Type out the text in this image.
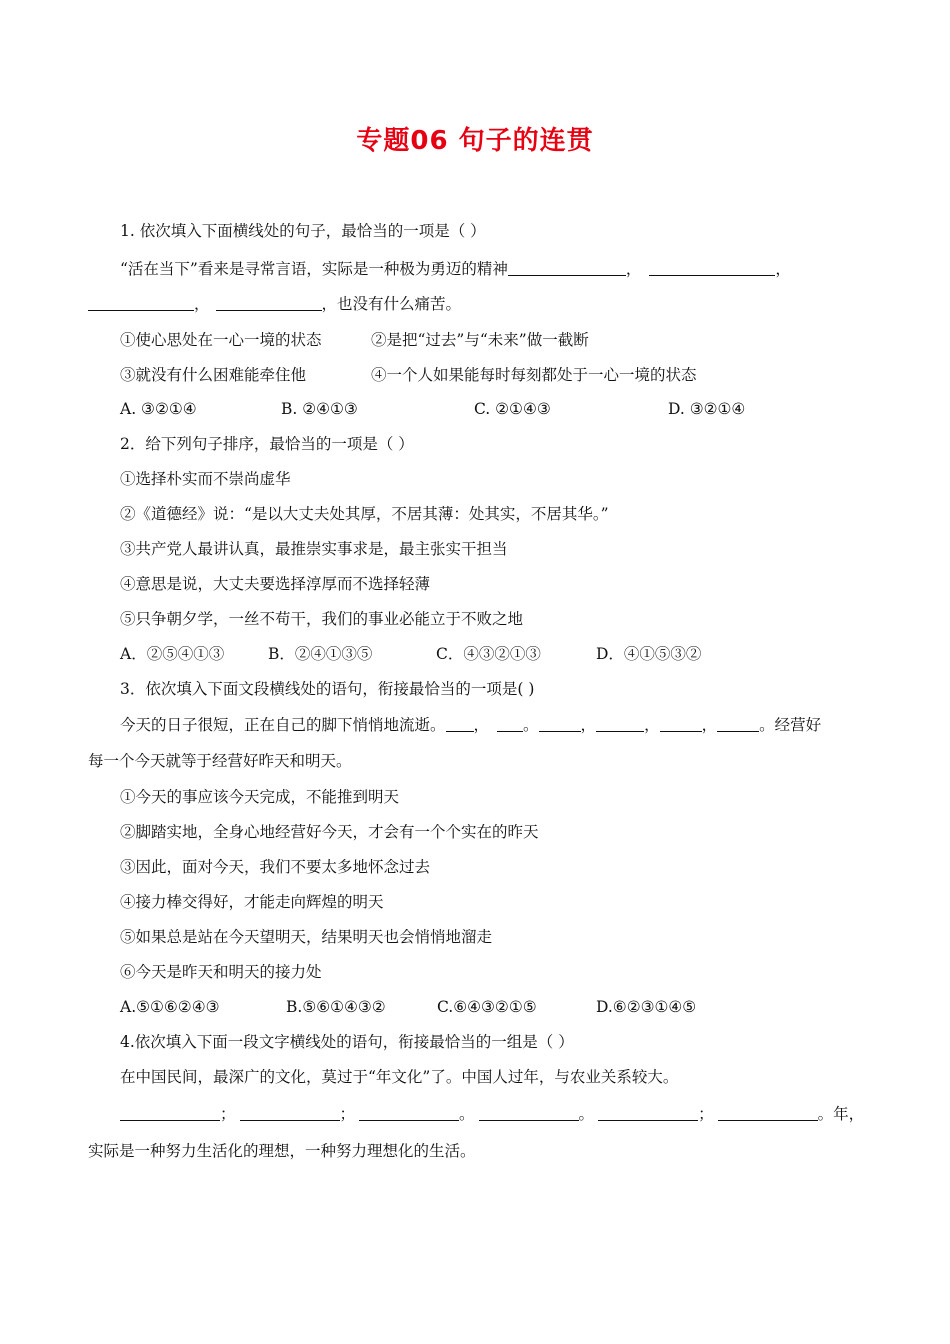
专题06 句子的连贯
1. 依次填入下面横线处的句子，最恰当的一项是（ ）
“活在当下”看来是寻常言语，实际是一种极为勇迈的精神	，	，
，	，也没有什么痛苦。
①使心思处在一心一境的状态	②是把“过去”与“未来”做一截断
③就没有什么困难能牵住他	④一个人如果能每时每刻都处于一心一境的状态
A. ③②①④	B. ②④①③	C. ②①④③	D. ③②①④
2．给下列句子排序，最恰当的一项是（ ）
①选择朴实而不崇尚虚华
②《道德经》说：“是以大丈夫处其厚，不居其薄：处其实，不居其华。”
③共产党人最讲认真，最推崇实事求是，最主张实干担当
④意思是说，大丈夫要选择淳厚而不选择轻薄
⑤只争朝夕学，一丝不苟干，我们的事业必能立于不败之地
A．②⑤④①③	B．②④①③⑤	C．④③②①③	D．④①⑤③②
3．依次填入下面文段横线处的语句，衔接最恰当的一项是( )
今天的日子很短，正在自己的脚下悄悄地流逝。 ， 。	，	，	，	。经营好
每一个今天就等于经营好昨天和明天。
①今天的事应该今天完成，不能推到明天
②脚踏实地，全身心地经营好今天，才会有一个个实在的昨天
③因此，面对今天，我们不要太多地怀念过去
④接力棒交得好，才能走向辉煌的明天
⑤如果总是站在今天望明天，结果明天也会悄悄地溜走
⑥今天是昨天和明天的接力处
A.⑤①⑥②④③	B.⑤⑥①④③②	C.⑥④③②①⑤	D.⑥②③①④⑤
4.依次填入下面一段文字横线处的语句，衔接最恰当的一组是（ ）
在中国民间，最深广的文化，莫过于“年文化”了。中国人过年，与农业关系较大。
；	；	。	。	；	。年，
实际是一种努力生活化的理想，一种努力理想化的生活。
